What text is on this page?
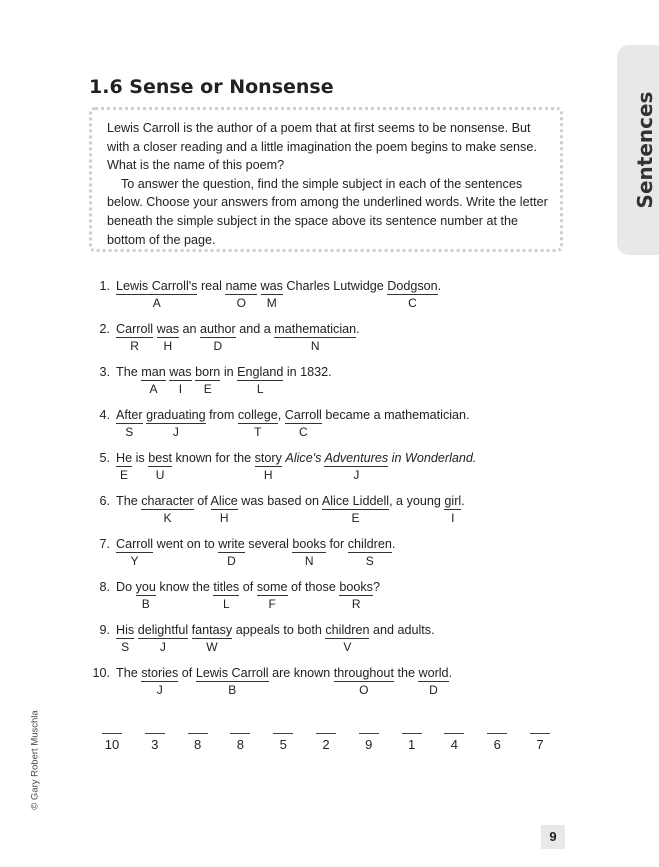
Sentences
1.6 Sense or Nonsense

Lewis Carroll is the author of a poem that at first seems to be nonsense. But with a closer reading and a little imagination the poem begins to make sense. What is the name of this poem?

To answer the question, find the simple subject in each of the sentences below. Choose your answers from among the underlined words. Write the letter beneath the simple subject in the space above its sentence number at the bottom of the page.

1. Lewis Carroll's real name was Charles Lutwidge Dodgson.
A	O M	C
2. Carroll was an author and a mathematician.
R H	D	N
3. The man was born in England in 1832.
A I E	L
4. After graduating from college, Carroll became a mathematician.
S	J	T	C
5. He is best known for the story Alice's Adventures in Wonderland.
E U	H	J
6. The character of Alice was based on Alice Liddell, a young girl.
K	H	E	I
7. Carroll went on to write several books for children.
Y	D	N	S
8. Do you know the titles of some of those books?
B	L	F	R
9. His delightful fantasy appeals to both children and adults.
S	J	W	V
10. The stories of Lewis Carroll are known throughout the world.
J	B	O	D
10	3	8	8	5	2	9	1	4	6	7
© Gary Robert Muschla
9
